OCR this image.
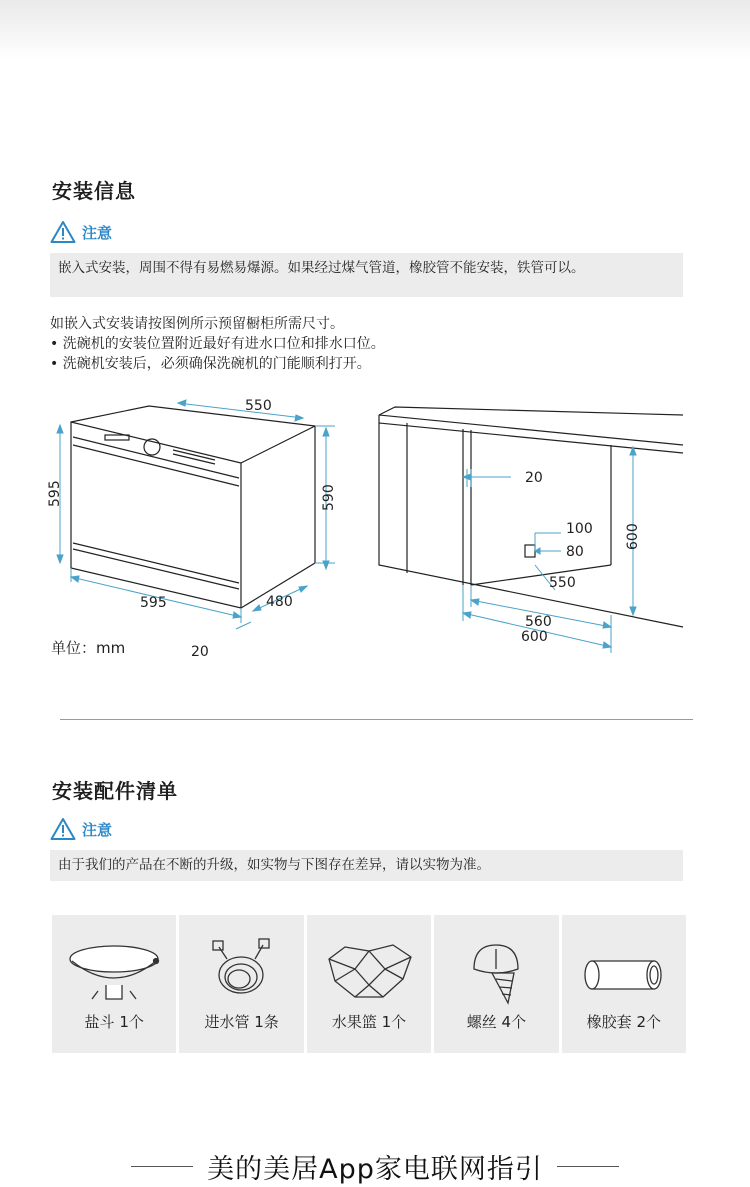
安装信息
注意
嵌入式安装，周围不得有易燃易爆源。如果经过煤气管道，橡胶管不能安装，铁管可以。
如嵌入式安装请按图例所示预留橱柜所需尺寸。
• 洗碗机的安装位置附近最好有进水口位和排水口位。
• 洗碗机安装后，必须确保洗碗机的门能顺利打开。
550
595	590
595	480
20
单位：mm
20
100
80
550
560
600
600
安装配件清单
注意
由于我们的产品在不断的升级，如实物与下图存在差异，请以实物为准。
盐斗 1个	进水管 1条	水果篮 1个	螺丝 4个	橡胶套 2个
美的美居App家电联网指引
